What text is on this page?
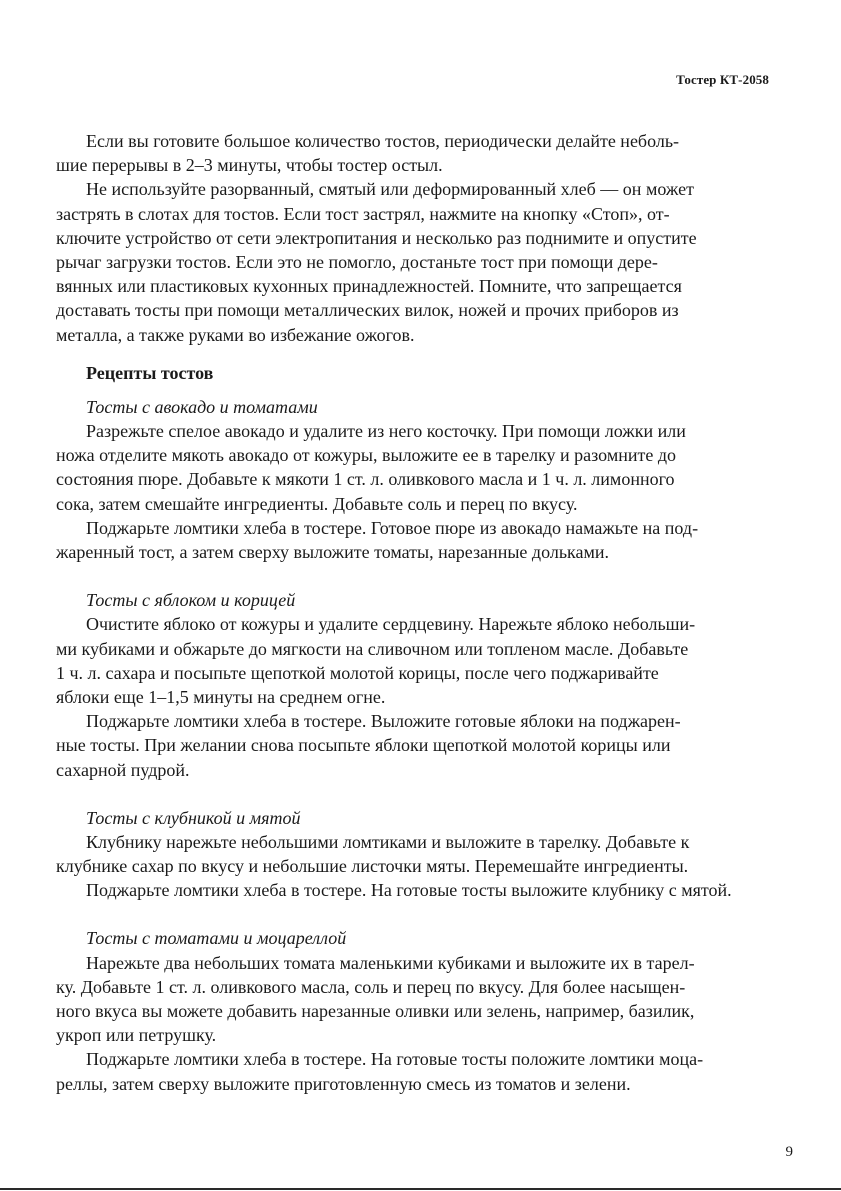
Тостер КТ-2058
Если вы готовите большое количество тостов, периодически делайте неболь-
шие перерывы в 2–3 минуты, чтобы тостер остыл.
Не используйте разорванный, смятый или деформированный хлеб — он может
застрять в слотах для тостов. Если тост застрял, нажмите на кнопку «Стоп», от-
ключите устройство от сети электропитания и несколько раз поднимите и опустите
рычаг загрузки тостов. Если это не помогло, достаньте тост при помощи дере-
вянных или пластиковых кухонных принадлежностей. Помните, что запрещается
доставать тосты при помощи металлических вилок, ножей и прочих приборов из
металла, а также руками во избежание ожогов.
Рецепты тостов
Тосты с авокадо и томатами
Разрежьте спелое авокадо и удалите из него косточку. При помощи ложки или
ножа отделите мякоть авокадо от кожуры, выложите ее в тарелку и разомните до
состояния пюре. Добавьте к мякоти 1 ст. л. оливкового масла и 1 ч. л. лимонного
сока, затем смешайте ингредиенты. Добавьте соль и перец по вкусу.
Поджарьте ломтики хлеба в тостере. Готовое пюре из авокадо намажьте на под-
жаренный тост, а затем сверху выложите томаты, нарезанные дольками.
Тосты с яблоком и корицей
Очистите яблоко от кожуры и удалите сердцевину. Нарежьте яблоко небольши-
ми кубиками и обжарьте до мягкости на сливочном или топленом масле. Добавьте
1 ч. л. сахара и посыпьте щепоткой молотой корицы, после чего поджаривайте
яблоки еще 1–1,5 минуты на среднем огне.
Поджарьте ломтики хлеба в тостере. Выложите готовые яблоки на поджарен-
ные тосты. При желании снова посыпьте яблоки щепоткой молотой корицы или
сахарной пудрой.
Тосты с клубникой и мятой
Клубнику нарежьте небольшими ломтиками и выложите в тарелку. Добавьте к
клубнике сахар по вкусу и небольшие листочки мяты. Перемешайте ингредиенты.
Поджарьте ломтики хлеба в тостере. На готовые тосты выложите клубнику с мятой.
Тосты с томатами и моцареллой
Нарежьте два небольших томата маленькими кубиками и выложите их в тарел-
ку. Добавьте 1 ст. л. оливкового масла, соль и перец по вкусу. Для более насыщен-
ного вкуса вы можете добавить нарезанные оливки или зелень, например, базилик,
укроп или петрушку.
Поджарьте ломтики хлеба в тостере. На готовые тосты положите ломтики моца-
реллы, затем сверху выложите приготовленную смесь из томатов и зелени.
9
